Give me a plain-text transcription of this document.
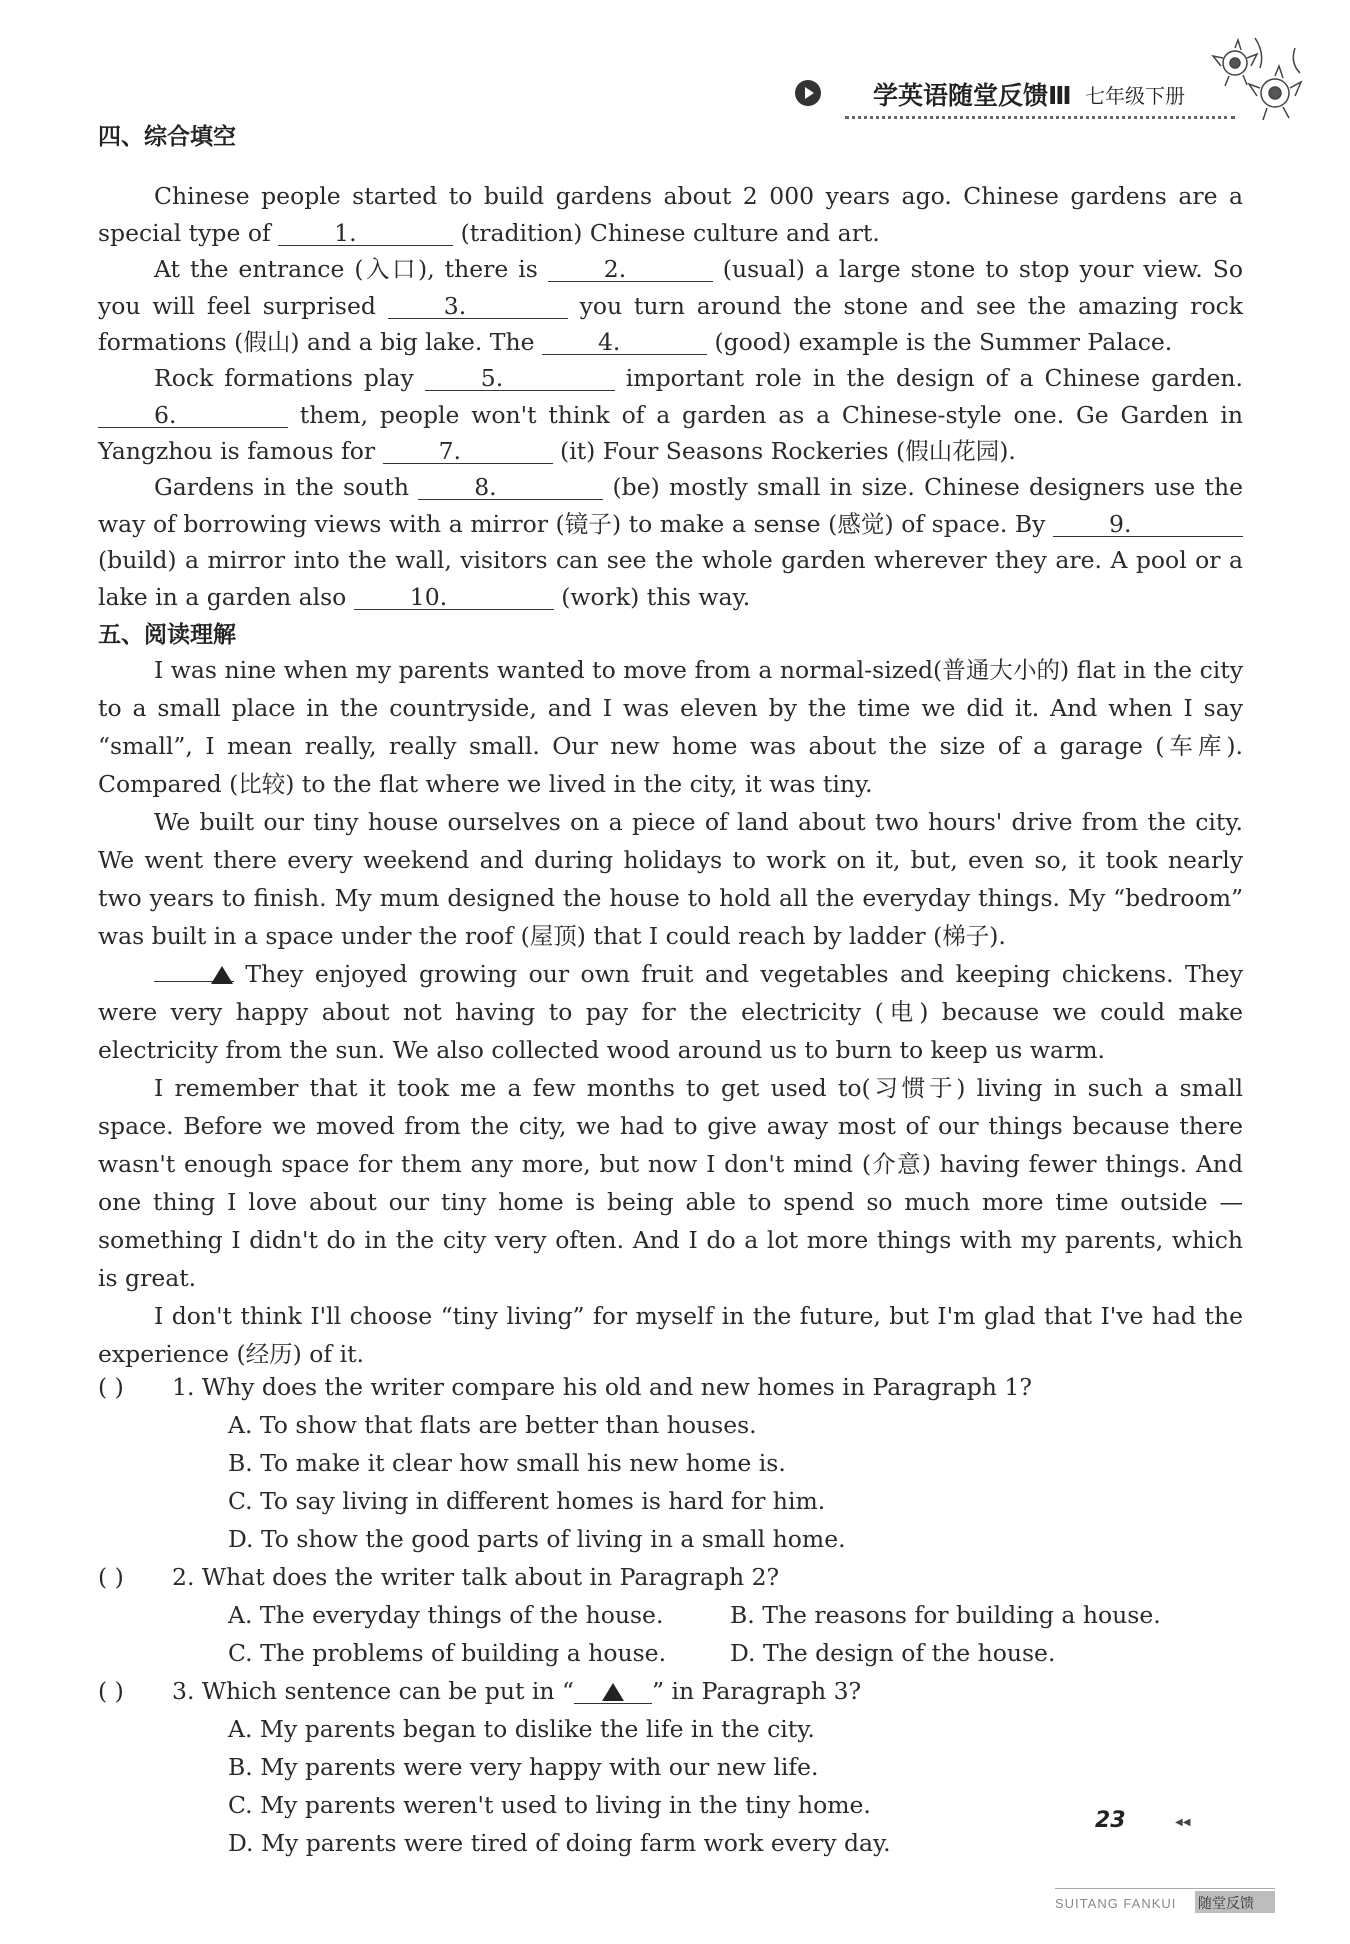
学英语随堂反馈Ⅲ 七年级下册
四、综合填空
Chinese people started to build gardens about 2 000 years ago. Chinese gardens are a special type of 1.	(tradition) Chinese culture and art.
At the entrance (入口), there is 2.	(usual) a large stone to stop your view. So you will feel surprised 3.	you turn around the stone and see the amazing rock formations (假山) and a big lake. The 4.	(good) example is the Summer Palace.
Rock formations play 5.	important role in the design of a Chinese garden. 6.	them, people won't think of a garden as a Chinese-style one. Ge Garden in Yangzhou is famous for 7.	(it) Four Seasons Rockeries (假山花园).
Gardens in the south 8.	(be) mostly small in size. Chinese designers use the way of borrowing views with a mirror (镜子) to make a sense (感觉) of space. By 9. (build) a mirror into the wall, visitors can see the whole garden wherever they are. A pool or a lake in a garden also 10.	(work) this way.
五、阅读理解
I was nine when my parents wanted to move from a normal-sized(普通大小的) flat in the city to a small place in the countryside, and I was eleven by the time we did it. And when I say “small”, I mean really, really small. Our new home was about the size of a garage (车库). Compared (比较) to the flat where we lived in the city, it was tiny.
We built our tiny house ourselves on a piece of land about two hours' drive from the city. We went there every weekend and during holidays to work on it, but, even so, it took nearly two years to finish. My mum designed the house to hold all the everyday things. My “bedroom” was built in a space under the roof (屋顶) that I could reach by ladder (梯子).
They enjoyed growing our own fruit and vegetables and keeping chickens. They were very happy about not having to pay for the electricity (电) because we could make electricity from the sun. We also collected wood around us to burn to keep us warm.
I remember that it took me a few months to get used to(习惯于) living in such a small space. Before we moved from the city, we had to give away most of our things because there wasn't enough space for them any more, but now I don't mind (介意) having fewer things. And one thing I love about our tiny home is being able to spend so much more time outside — something I didn't do in the city very often. And I do a lot more things with my parents, which is great.
I don't think I'll choose “tiny living” for myself in the future, but I'm glad that I've had the experience (经历) of it.
( ) 1. Why does the writer compare his old and new homes in Paragraph 1?
A. To show that flats are better than houses.
B. To make it clear how small his new home is.
C. To say living in different homes is hard for him.
D. To show the good parts of living in a small home.
( ) 2. What does the writer talk about in Paragraph 2?
A. The everyday things of the house.	B. The reasons for building a house.
C. The problems of building a house.	D. The design of the house.
( ) 3. Which sentence can be put in “	” in Paragraph 3?
A. My parents began to dislike the life in the city.
B. My parents were very happy with our new life.
C. My parents weren't used to living in the tiny home.
D. My parents were tired of doing farm work every day.
23	◀◀
SUITANG FANKUI 随堂反馈
